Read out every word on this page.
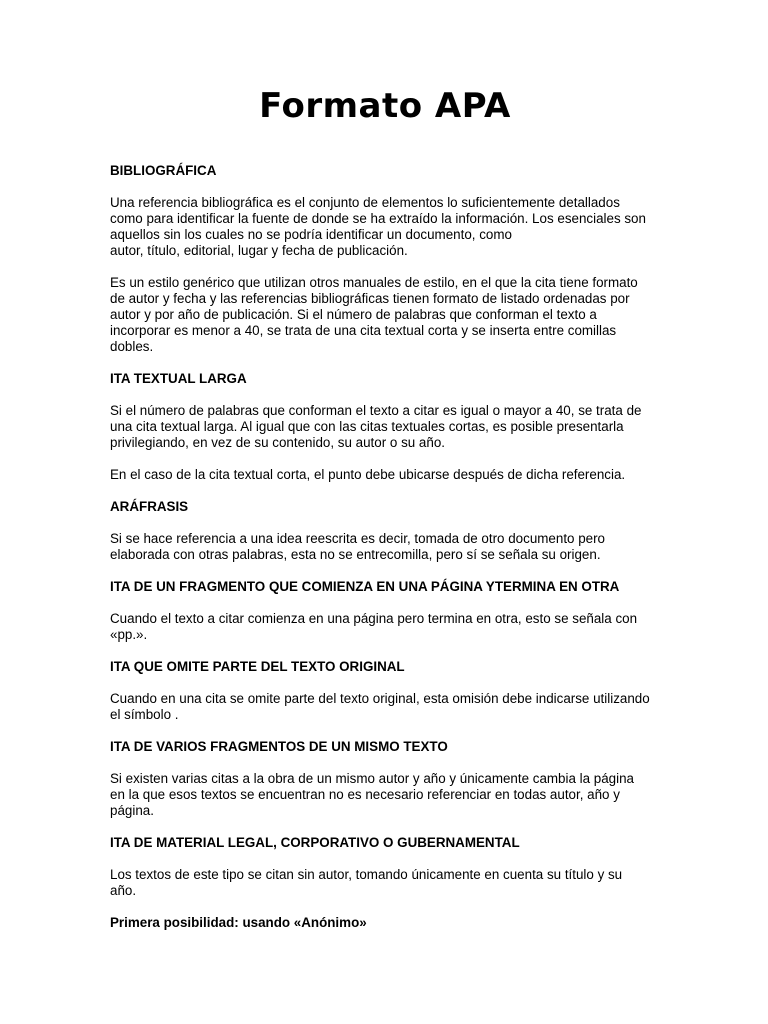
Formato APA
BIBLIOGRÁFICA
Una referencia bibliográfica es el conjunto de elementos lo suficientemente detallados
como para identificar la fuente de donde se ha extraído la información. Los esenciales son
aquellos sin los cuales no se podría identificar un documento, como
autor, título, editorial, lugar y fecha de publicación.
Es un estilo genérico que utilizan otros manuales de estilo, en el que la cita tiene formato
de autor y fecha y las referencias bibliográficas tienen formato de listado ordenadas por
autor y por año de publicación. Si el número de palabras que conforman el texto a
incorporar es menor a 40, se trata de una cita textual corta y se inserta entre comillas
dobles.
ITA TEXTUAL LARGA
Si el número de palabras que conforman el texto a citar es igual o mayor a 40, se trata de
una cita textual larga. Al igual que con las citas textuales cortas, es posible presentarla
privilegiando, en vez de su contenido, su autor o su año.
En el caso de la cita textual corta, el punto debe ubicarse después de dicha referencia.
ARÁFRASIS
Si se hace referencia a una idea reescrita es decir, tomada de otro documento pero
elaborada con otras palabras, esta no se entrecomilla, pero sí se señala su origen.
ITA DE UN FRAGMENTO QUE COMIENZA EN UNA PÁGINA YTERMINA EN OTRA
Cuando el texto a citar comienza en una página pero termina en otra, esto se señala con
«pp.».
ITA QUE OMITE PARTE DEL TEXTO ORIGINAL
Cuando en una cita se omite parte del texto original, esta omisión debe indicarse utilizando
el símbolo .
ITA DE VARIOS FRAGMENTOS DE UN MISMO TEXTO
Si existen varias citas a la obra de un mismo autor y año y únicamente cambia la página
en la que esos textos se encuentran no es necesario referenciar en todas autor, año y
página.
ITA DE MATERIAL LEGAL, CORPORATIVO O GUBERNAMENTAL
Los textos de este tipo se citan sin autor, tomando únicamente en cuenta su título y su
año.
Primera posibilidad: usando «Anónimo»
